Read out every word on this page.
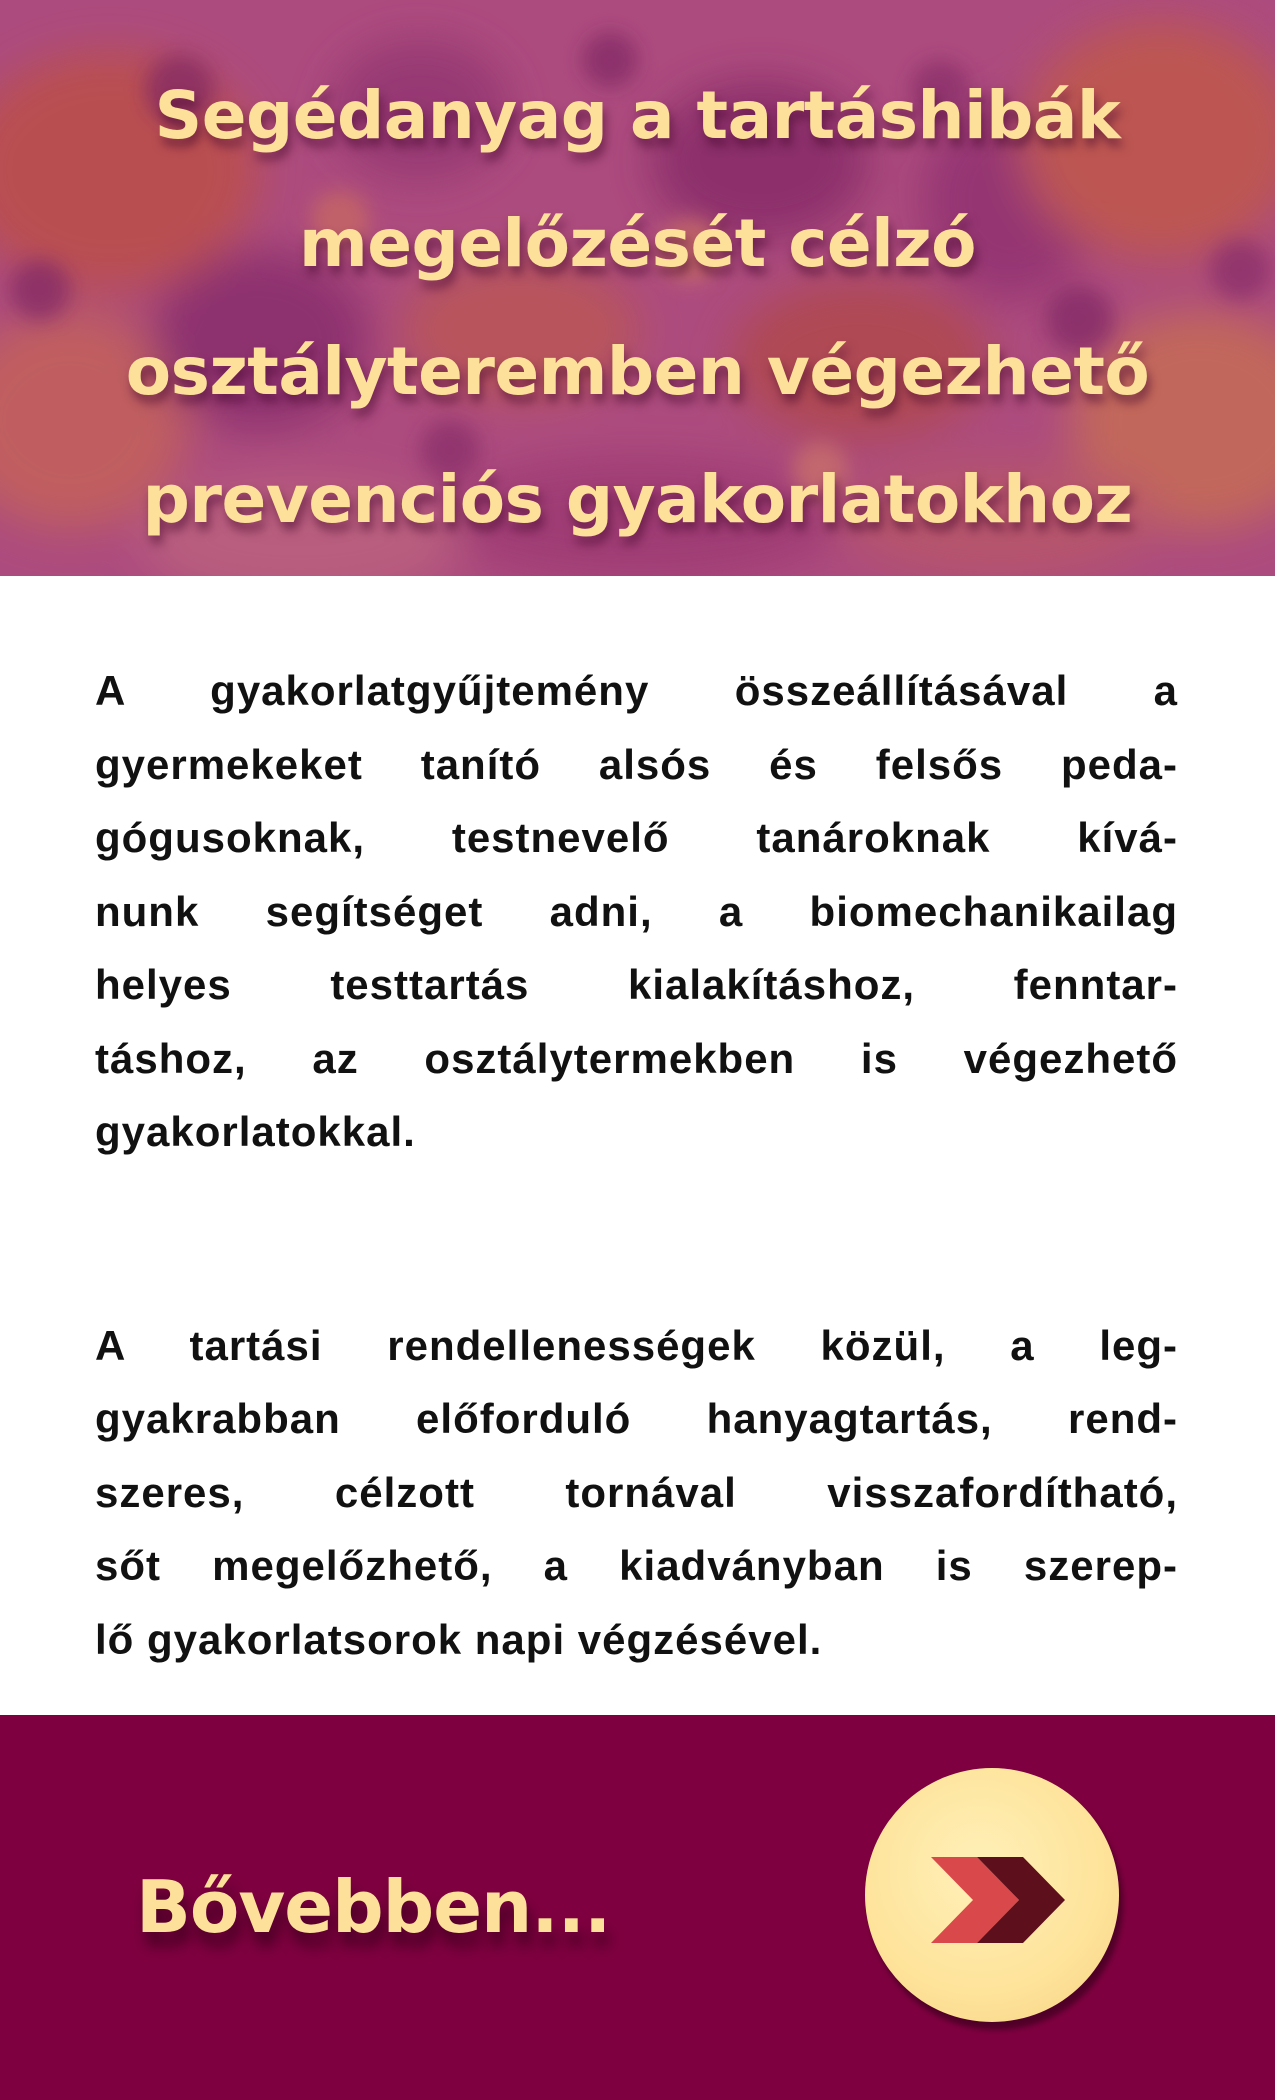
Segédanyag a tartáshibák
megelőzését célzó
osztályteremben végezhető
prevenciós gyakorlatokhoz

A gyakorlatgyűjtemény összeállításával a
gyermekeket tanító alsós és felsős peda-
gógusoknak, testnevelő tanároknak kívá-
nunk segítséget adni, a biomechanikailag
helyes testtartás kialakításhoz, fenntar-
táshoz, az osztálytermekben is végezhető
gyakorlatokkal.

A tartási rendellenességek közül, a leg-
gyakrabban előforduló hanyagtartás, rend-
szeres, célzott tornával visszafordítható,
sőt megelőzhető, a kiadványban is szerep-
lő gyakorlatsorok napi végzésével.

Bővebben...
